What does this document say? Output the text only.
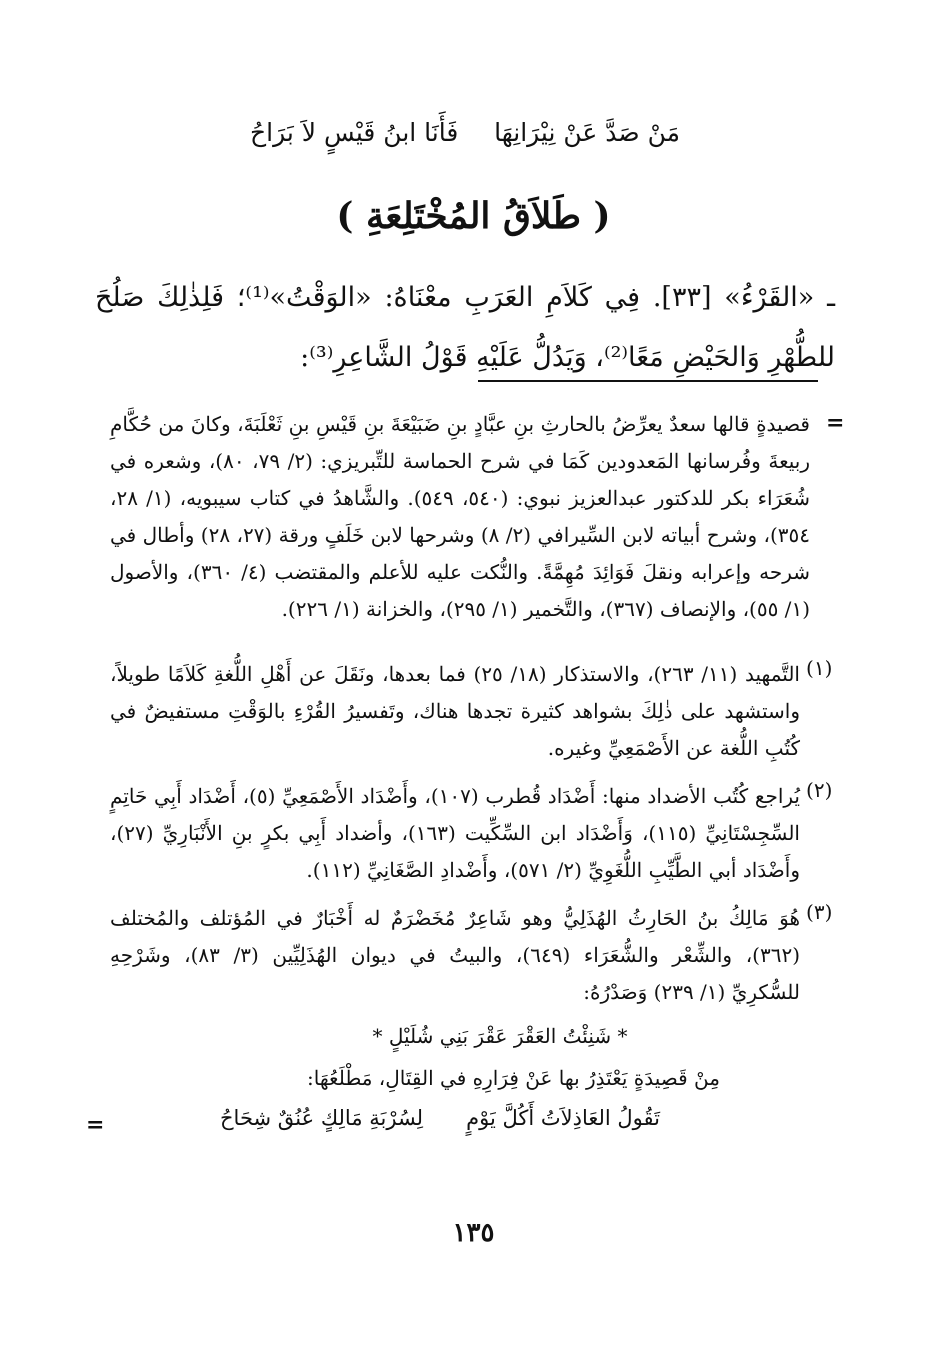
مَنْ صَدَّ عَنْ نِيْرَانِهَا
فَأَنَا ابنُ قَيْسٍ لاَ بَرَاحُ
( طَلاَقُ المُخْتَلِعَةِ )
ـ «القَرْءُ» [٣٣]. فِي كَلاَمِ العَرَبِ معْنَاهُ: «الوَقْتُ»⁽¹⁾؛ فَلِذٰلِكَ صَلُحَ للطُّهْرِ وَالحَيْضِ مَعًا⁽²⁾، وَيَدُلُّ عَلَيْهِ قَوْلُ الشَّاعِرِ⁽³⁾:
=
قصيدةٍ قالها سعدٌ يعرِّضُ بالحارثِ بنِ عبَّادٍ بنِ ضَبَيْعَةَ بنِ قَيْسِ بنِ ثَعْلَبَةَ، وكانَ من حُكَّامِ ربيعةَ وفُرسانها المَعدودين كَمَا في شرح الحماسة للتِّبريزي: (٢/ ٧٩، ٨٠)، وشعره في شُعَرَاء بكر للدكتور عبدالعزيز نبوي: (٥٤٠، ٥٤٩). والشَّاهدُ في كتاب سيبويه، (١/ ٢٨، ٣٥٤)، وشرح أبياته لابن السِّيرافي (٢/ ٨) وشرحها لابن خَلَفٍ ورقة (٢٧، ٢٨) وأطال في شرحه وإعرابه ونقلَ فَوَائِدَ مُهِمَّةً. والنُّكت عليه للأعلم والمقتضب (٤/ ٣٦٠)، والأصول (١/ ٥٥)، والإنصاف (٣٦٧)، والتَّخمير (١/ ٢٩٥)، والخزانة (١/ ٢٢٦).
(١)
التَّمهيد (١١/ ٢٦٣)، والاستذكار (١٨/ ٢٥) فما بعدها، ونَقَلَ عن أَهْلِ اللُّغةِ كَلاَمًا طويلاً، واستشهد على ذٰلِكَ بشواهد كثيرة تجدها هناك، وتَفسيرُ القُرْءِ بالوَقْتِ مستفيضٌ في كُتُبِ اللُّغة عن الأَصْمَعِيِّ وغيره.
(٢)
يُراجع كُتُب الأضداد منها: أَضْدَاد قُطرب (١٠٧)، وأَضْدَاد الأَصْمَعِيِّ (٥)، أَضْدَاد أَبِي حَاتِمٍ السِّجِسْتَانِيِّ (١١٥)، وَأَضْدَاد ابن السِّكِّيت (١٦٣)، وأضداد أَبِي بكرٍ بنِ الأَنْبَارِيِّ (٢٧)، وأَضْدَاد أبي الطَّيِّبِ اللُّغَوِيِّ (٢/ ٥٧١)، وأَضْدادِ الصَّغَانِيِّ (١١٢).
(٣)
هُوَ مَالِكُ بنُ الحَارِثُ الهُذَلِيُّ وهو شَاعِرٌ مُخَضْرَمٌ له أَخْبَارٌ في المُؤتلف والمُختلف (٣٦٢)، والشِّعْر والشُّعَرَاء (٦٤٩)، والبيتُ في ديوان الهُذَلِيِّين (٣/ ٨٣)، وشَرْحِهِ للسُّكرِيِّ (١/ ٢٣٩) وَصَدْرُهُ:
* شَنِئْتُ العَقْرَ عَقْرَ بَنِي شُلَيْلٍ *
مِنْ قَصِيدَةٍ يَعْتَذِرُ بها عَنْ فِرَارِهِ في القِتَالِ، مَطْلَعُهَا:
تَقُولُ العَاذِلاَتُ أَكُلَّ يَوْمٍ
لِسُرْبَةِ مَالِكٍ عُنُقٌ شِحَاحُ
=
١٣٥
